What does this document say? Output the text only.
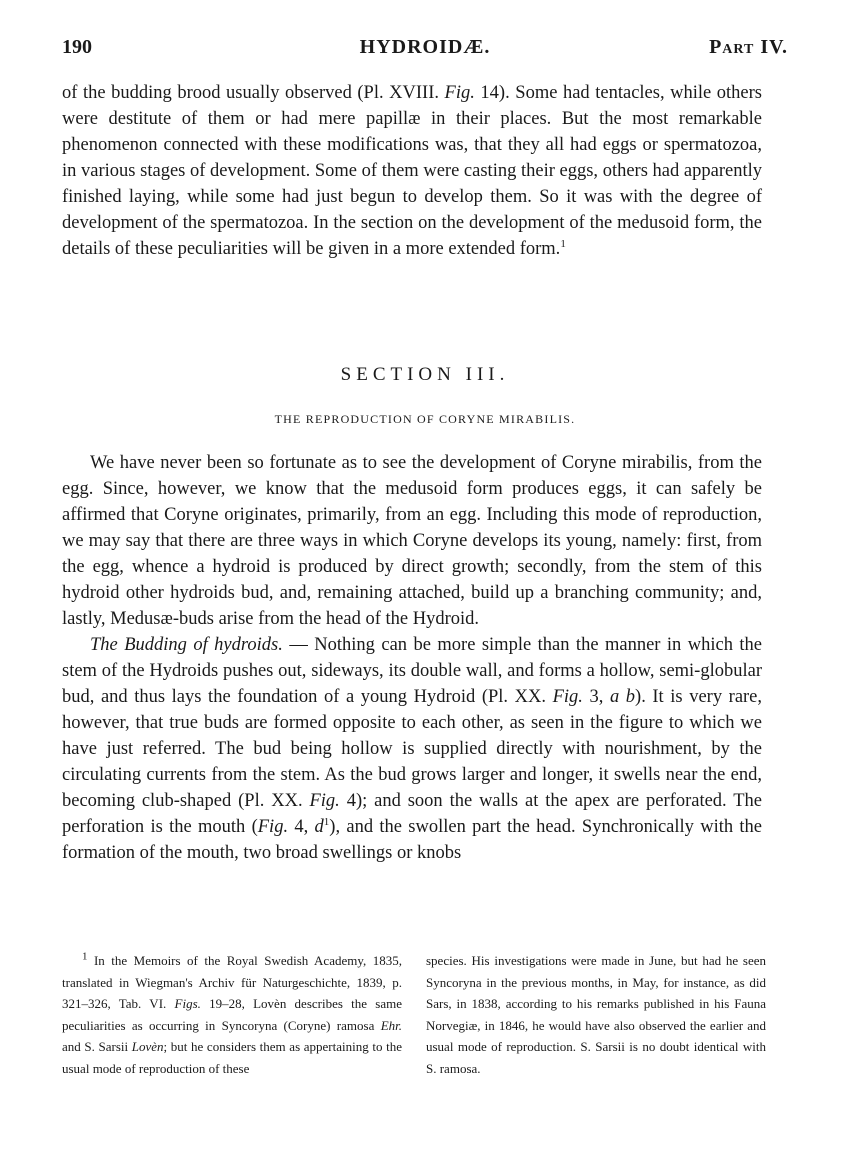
190	HYDROIDÆ.	Part IV.

of the budding brood usually observed (Pl. XVIII. Fig. 14). Some had tentacles, while others were destitute of them or had mere papillæ in their places. But the most remarkable phenomenon connected with these modifications was, that they all had eggs or spermatozoa, in various stages of development. Some of them were casting their eggs, others had apparently finished laying, while some had just begun to develop them. So it was with the degree of development of the spermatozoa. In the section on the development of the medusoid form, the details of these peculiarities will be given in a more extended form.$^1$

SECTION III.
THE REPRODUCTION OF CORYNE MIRABILIS.

We have never been so fortunate as to see the development of Coryne mirabilis, from the egg. Since, however, we know that the medusoid form produces eggs, it can safely be affirmed that Coryne originates, primarily, from an egg. Including this mode of reproduction, we may say that there are three ways in which Coryne develops its young, namely: first, from the egg, whence a hydroid is produced by direct growth; secondly, from the stem of this hydroid other hydroids bud, and, remaining attached, build up a branching community; and, lastly, Medusæ-buds arise from the head of the Hydroid.

The Budding of hydroids. — Nothing can be more simple than the manner in which the stem of the Hydroids pushes out, sideways, its double wall, and forms a hollow, semi-globular bud, and thus lays the foundation of a young Hydroid (Pl. XX. Fig. 3, a b). It is very rare, however, that true buds are formed opposite to each other, as seen in the figure to which we have just referred. The bud being hollow is supplied directly with nourishment, by the circulating currents from the stem. As the bud grows larger and longer, it swells near the end, becoming club-shaped (Pl. XX. Fig. 4); and soon the walls at the apex are perforated. The perforation is the mouth (Fig. 4, $d^1$), and the swollen part the head. Synchronically with the formation of the mouth, two broad swellings or knobs

$^1$ In the Memoirs of the Royal Swedish Academy, 1835, translated in Wiegman's Archiv für Naturgeschichte, 1839, p. 321–326, Tab. VI. Figs. 19–28, Lovèn describes the same peculiarities as occurring in Syncoryna (Coryne) ramosa Ehr. and S. Sarsii Lovèn; but he considers them as appertaining to the usual mode of reproduction of these

species. His investigations were made in June, but had he seen Syncoryna in the previous months, in May, for instance, as did Sars, in 1838, according to his remarks published in his Fauna Norvegiæ, in 1846, he would have also observed the earlier and usual mode of reproduction. S. Sarsii is no doubt identical with S. ramosa.
